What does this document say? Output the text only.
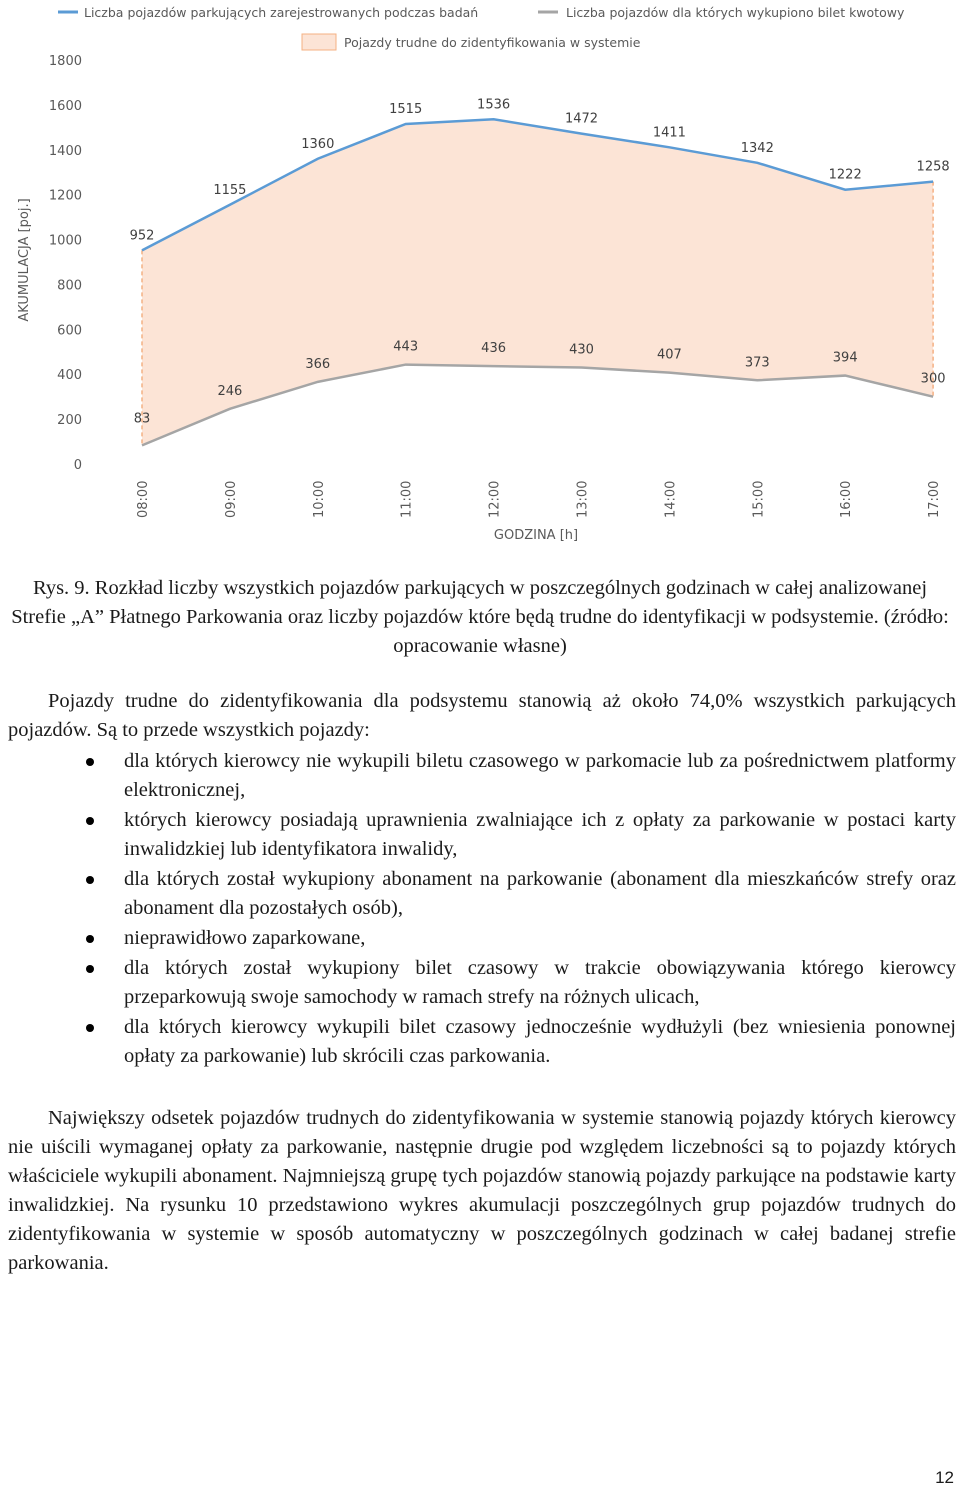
952
1155
1360
1515	1536
1472
1411
1342
1222
1258
83
246
366
443	436	430	407
373	394
300
0
200
400
600
800
1000
1200
1400
1600
1800
08:00	09:00	10:00	11:00	12:00	13:00	14:00	15:00	16:00	17:00
AKUMULACJA [poj.]
GODZINA [h]
Liczba pojazdów parkujących zarejestrowanych podczas badań	Liczba pojazdów dla których wykupiono bilet kwotowy
Pojazdy trudne do zidentyfikowania w systemie

Rys. 9. Rozkład liczby wszystkich pojazdów parkujących w poszczególnych godzinach w całej analizowanej Strefie „A” Płatnego Parkowania oraz liczby pojazdów które będą trudne do identyfikacji w podsystemie. (źródło: opracowanie własne)

Pojazdy trudne do zidentyfikowania dla podsystemu stanowią aż około 74,0% wszystkich parkujących pojazdów. Są to przede wszystkich pojazdy:

dla których kierowcy nie wykupili biletu czasowego w parkomacie lub za pośrednictwem platformy elektronicznej,
których kierowcy posiadają uprawnienia zwalniające ich z opłaty za parkowanie w postaci karty inwalidzkiej lub identyfikatora inwalidy,
dla których został wykupiony abonament na parkowanie (abonament dla mieszkańców strefy oraz abonament dla pozostałych osób),
nieprawidłowo zaparkowane,
dla których został wykupiony bilet czasowy w trakcie obowiązywania którego kierowcy przeparkowują swoje samochody w ramach strefy na różnych ulicach,
dla których kierowcy wykupili bilet czasowy jednocześnie wydłużyli (bez wniesienia ponownej opłaty za parkowanie) lub skrócili czas parkowania.

Największy odsetek pojazdów trudnych do zidentyfikowania w systemie stanowią pojazdy których kierowcy nie uiścili wymaganej opłaty za parkowanie, następnie drugie pod względem liczebności są to pojazdy których właściciele wykupili abonament. Najmniejszą grupę tych pojazdów stanowią pojazdy parkujące na podstawie karty inwalidzkiej. Na rysunku 10 przedstawiono wykres akumulacji poszczególnych grup pojazdów trudnych do zidentyfikowania w systemie w sposób automatyczny w poszczególnych godzinach w całej badanej strefie parkowania.

12
